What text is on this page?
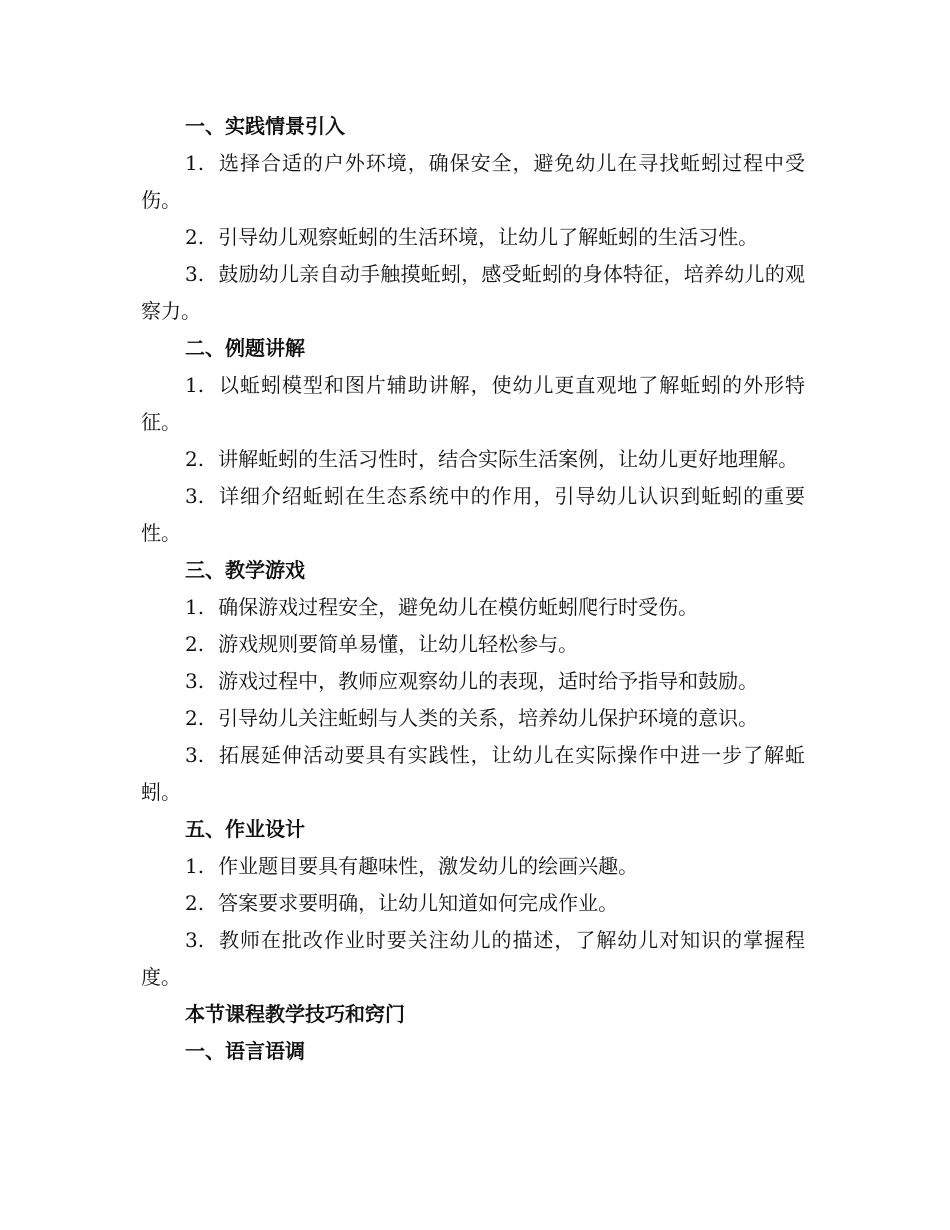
一、实践情景引入

1. 选择合适的户外环境，确保安全，避免幼儿在寻找蚯蚓过程中受伤。

2. 引导幼儿观察蚯蚓的生活环境，让幼儿了解蚯蚓的生活习性。

3. 鼓励幼儿亲自动手触摸蚯蚓，感受蚯蚓的身体特征，培养幼儿的观察力。

二、例题讲解

1. 以蚯蚓模型和图片辅助讲解，使幼儿更直观地了解蚯蚓的外形特征。

2. 讲解蚯蚓的生活习性时，结合实际生活案例，让幼儿更好地理解。

3. 详细介绍蚯蚓在生态系统中的作用，引导幼儿认识到蚯蚓的重要性。

三、教学游戏

1. 确保游戏过程安全，避免幼儿在模仿蚯蚓爬行时受伤。

2. 游戏规则要简单易懂，让幼儿轻松参与。

3. 游戏过程中，教师应观察幼儿的表现，适时给予指导和鼓励。

2. 引导幼儿关注蚯蚓与人类的关系，培养幼儿保护环境的意识。

3. 拓展延伸活动要具有实践性，让幼儿在实际操作中进一步了解蚯蚓。

五、作业设计

1. 作业题目要具有趣味性，激发幼儿的绘画兴趣。

2. 答案要求要明确，让幼儿知道如何完成作业。

3. 教师在批改作业时要关注幼儿的描述，了解幼儿对知识的掌握程度。

本节课程教学技巧和窍门
一、语言语调
